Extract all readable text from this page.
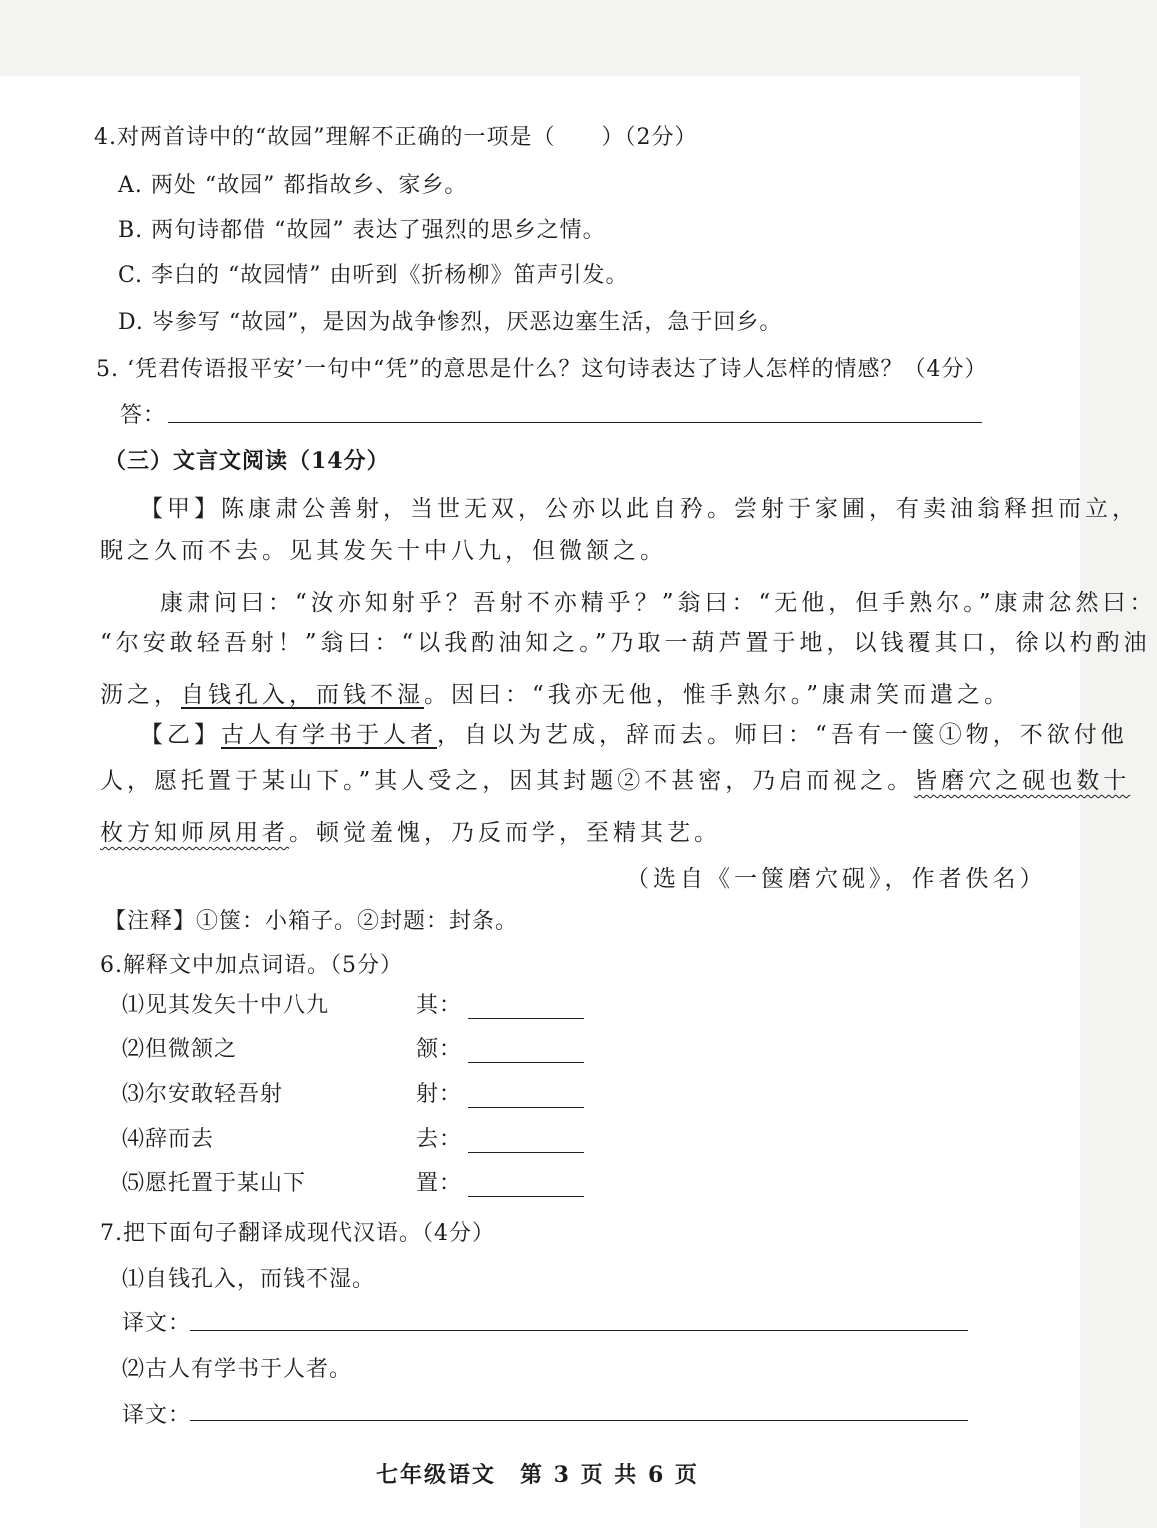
4.对两首诗中的“故园”理解不正确的一项是（　　）（2分）
A. 两处 “故园” 都指故乡、家乡。
B. 两句诗都借 “故园” 表达了强烈的思乡之情。
C. 李白的 “故园情” 由听到《折杨柳》笛声引发。
D. 岑参写 “故园”，是因为战争惨烈，厌恶边塞生活，急于回乡。
5. ‘凭君传语报平安’一句中“凭”的意思是什么？这句诗表达了诗人怎样的情感？（4分）
答：
（三）文言文阅读（14分）
【甲】陈康肃公善射，当世无双，公亦以此自矜。尝射于家圃，有卖油翁释担而立，
睨之久而不去。见其发矢十中八九，但微颔之。
康肃问曰：“汝亦知射乎？吾射不亦精乎？”翁曰：“无他，但手熟尔。”康肃忿然曰：
“尔安敢轻吾射！”翁曰：“以我酌油知之。”乃取一葫芦置于地，以钱覆其口，徐以杓酌油
沥之，自钱孔入，而钱不湿。因曰：“我亦无他，惟手熟尔。”康肃笑而遣之。
【乙】古人有学书于人者，自以为艺成，辞而去。师曰：“吾有一箧①物，不欲付他
人，愿托置于某山下。”其人受之，因其封题②不甚密，乃启而视之。皆磨穴之砚也数十
枚方知师夙用者。顿觉羞愧，乃反而学，至精其艺。
（选自《一箧磨穴砚》，作者佚名）
【注释】①箧：小箱子。②封题：封条。
6.解释文中加点词语。（5分）
⑴见其发矢十中八九	其：
⑵但微颔之	颔：
⑶尔安敢轻吾射	射：
⑷辞而去	去：
⑸愿托置于某山下	置：
7.把下面句子翻译成现代汉语。（4分）
⑴自钱孔入，而钱不湿。
译文：
⑵古人有学书于人者。
译文：
七年级语文　第 3 页 共 6 页
